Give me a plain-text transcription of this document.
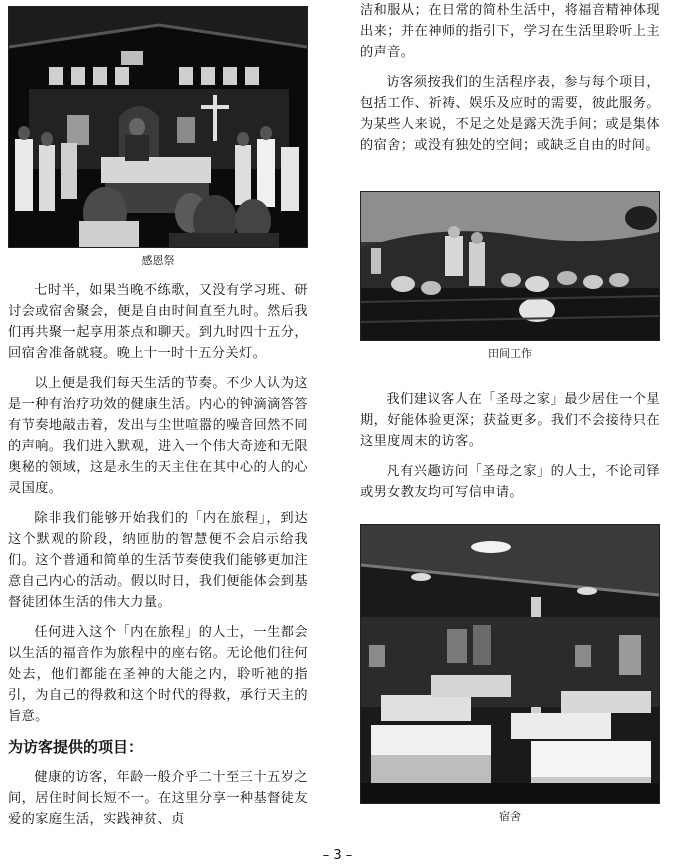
感恩祭

七时半，如果当晚不练歌，又没有学习班、研讨会或宿舍聚会，便是自由时间直至九时。然后我们再共聚一起享用茶点和聊天。到九时四十五分，回宿舍准备就寝。晚上十一时十五分关灯。

以上便是我们每天生活的节奏。不少人认为这是一种有治疗功效的健康生活。内心的钟滴滴答答有节奏地敲击着，发出与尘世喧嚣的噪音回然不同的声响。我们进入默观，进入一个伟大奇迹和无限奥秘的领域，这是永生的天主住在其中心的人的心灵国度。

除非我们能够开始我们的「内在旅程」，到达这个默观的阶段，纳匝肋的智慧便不会启示给我们。这个普通和简单的生活节奏使我们能够更加注意自己内心的活动。假以时日，我们便能体会到基督徒团体生活的伟大力量。

任何进入这个「内在旅程」的人士，一生都会以生活的福音作为旅程中的座右铭。无论他们往何处去，他们都能在圣神的大能之内，聆听祂的指引，为自己的得救和这个时代的得救，承行天主的旨意。

为访客提供的项目：

健康的访客，年龄一般介乎二十至三十五岁之间，居住时间长短不一。在这里分享一种基督徒友爱的家庭生活，实践神贫、贞

洁和服从；在日常的简朴生活中，将福音精神体现出来；并在神师的指引下，学习在生活里聆听上主的声音。

访客须按我们的生活程序表，参与每个项目，包括工作、祈祷、娱乐及应时的需要，彼此服务。为某些人来说，不足之处是露天洗手间；或是集体的宿舍；或没有独处的空间；或缺乏自由的时间。

田间工作

我们建议客人在「圣母之家」最少居住一个星期，好能体验更深；获益更多。我们不会接待只在这里度周末的访客。

凡有兴趣访问「圣母之家」的人士，不论司铎或男女教友均可写信申请。

宿舍
– 3 –
